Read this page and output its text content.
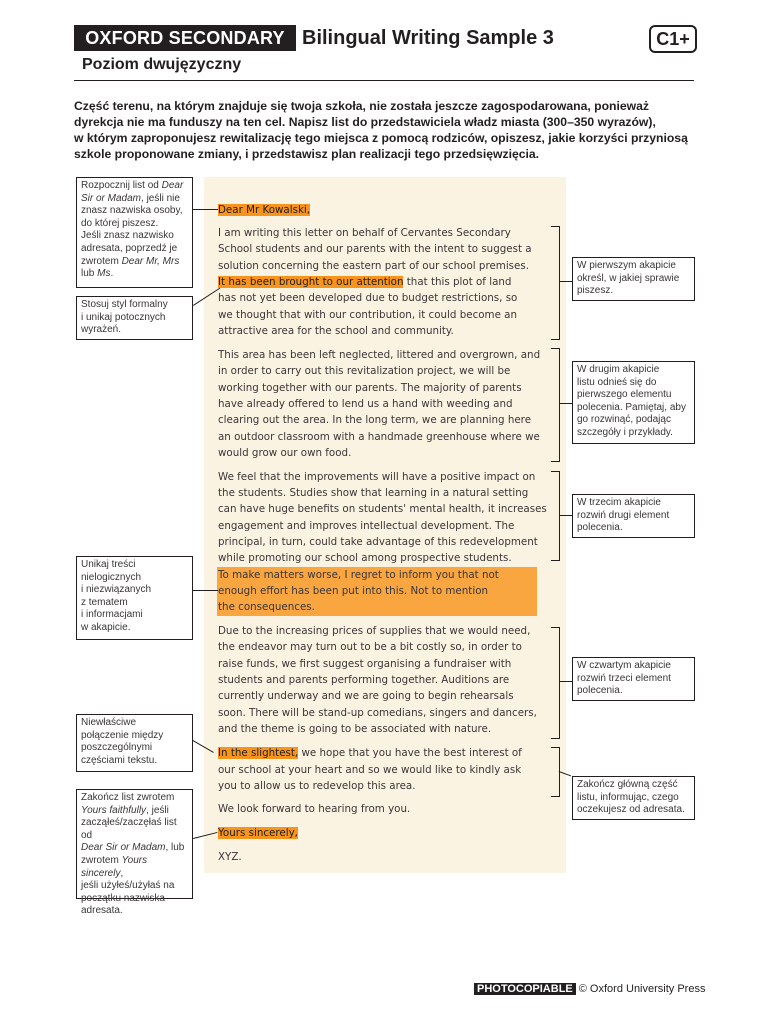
OXFORD SECONDARY Bilingual Writing Sample 3	C1+
Poziom dwujęzyczny
Część terenu, na którym znajduje się twoja szkoła, nie została jeszcze zagospodarowana, ponieważ
dyrekcja nie ma funduszy na ten cel. Napisz list do przedstawiciela władz miasta (300–350 wyrazów),
w którym zaproponujesz rewitalizację tego miejsca z pomocą rodziców, opiszesz, jakie korzyści przyniosą
szkole proponowane zmiany, i przedstawisz plan realizacji tego przedsięwzięcia.
Dear Mr Kowalski,
I am writing this letter on behalf of Cervantes Secondary
School students and our parents with the intent to suggest a
solution concerning the eastern part of our school premises.
It has been brought to our attention that this plot of land
has not yet been developed due to budget restrictions, so
we thought that with our contribution, it could become an
attractive area for the school and community.
This area has been left neglected, littered and overgrown, and
in order to carry out this revitalization project, we will be
working together with our parents. The majority of parents
have already offered to lend us a hand with weeding and
clearing out the area. In the long term, we are planning here
an outdoor classroom with a handmade greenhouse where we
would grow our own food.
We feel that the improvements will have a positive impact on
the students. Studies show that learning in a natural setting
can have huge benefits on students' mental health, it increases
engagement and improves intellectual development. The
principal, in turn, could take advantage of this redevelopment
while promoting our school among prospective students.
To make matters worse, I regret to inform you that not
enough effort has been put into this. Not to mention
the consequences.
Due to the increasing prices of supplies that we would need,
the endeavor may turn out to be a bit costly so, in order to
raise funds, we first suggest organising a fundraiser with
students and parents performing together. Auditions are
currently underway and we are going to begin rehearsals
soon. There will be stand-up comedians, singers and dancers,
and the theme is going to be associated with nature.
In the slightest, we hope that you have the best interest of
our school at your heart and so we would like to kindly ask
you to allow us to redevelop this area.
We look forward to hearing from you.
Yours sincerely,
XYZ.
Rozpocznij list od Dear
Sir or Madam, jeśli nie
znasz nazwiska osoby,
do której piszesz.
Jeśli znasz nazwisko
adresata, poprzedź je
zwrotem Dear Mr, Mrs
lub Ms.
Stosuj styl formalny
i unikaj potocznych
wyrażeń.
Unikaj treści
nielogicznych
i niezwiązanych
z tematem
i informacjami
w akapicie.
Niewłaściwe
połączenie między
poszczególnymi
częściami tekstu.
Zakończ list zwrotem
Yours faithfully, jeśli
zacząłeś/zaczęłaś list od
Dear Sir or Madam, lub
zwrotem Yours sincerely,
jeśli użyłeś/użyłaś na
początku nazwiska
adresata.
W pierwszym akapicie
określ, w jakiej sprawie
piszesz.
W drugim akapicie
listu odnieś się do
pierwszego elementu
polecenia. Pamiętaj, aby
go rozwinąć, podając
szczegóły i przykłady.
W trzecim akapicie
rozwiń drugi element
polecenia.
W czwartym akapicie
rozwiń trzeci element
polecenia.
Zakończ główną część
listu, informując, czego
oczekujesz od adresata.
PHOTOCOPIABLE © Oxford University Press
